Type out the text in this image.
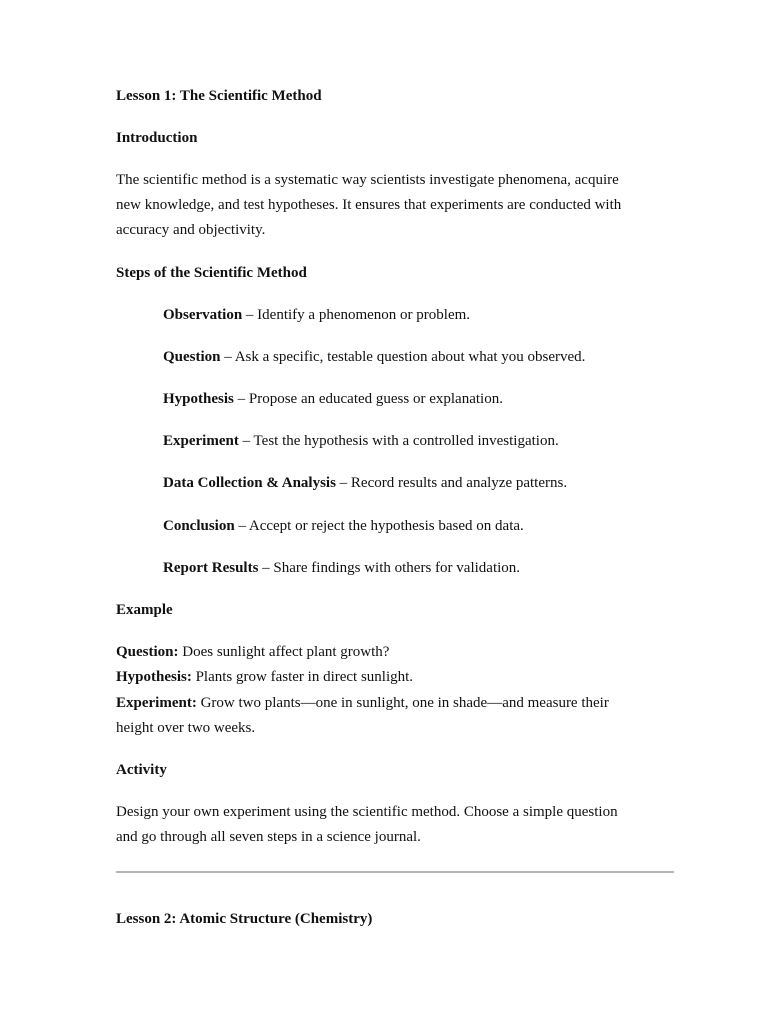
Lesson 1: The Scientific Method
Introduction
The scientific method is a systematic way scientists investigate phenomena, acquire
new knowledge, and test hypotheses. It ensures that experiments are conducted with
accuracy and objectivity.
Steps of the Scientific Method
Observation – Identify a phenomenon or problem.
Question – Ask a specific, testable question about what you observed.
Hypothesis – Propose an educated guess or explanation.
Experiment – Test the hypothesis with a controlled investigation.
Data Collection & Analysis – Record results and analyze patterns.
Conclusion – Accept or reject the hypothesis based on data.
Report Results – Share findings with others for validation.
Example
Question: Does sunlight affect plant growth?
Hypothesis: Plants grow faster in direct sunlight.
Experiment: Grow two plants—one in sunlight, one in shade—and measure their
height over two weeks.
Activity
Design your own experiment using the scientific method. Choose a simple question
and go through all seven steps in a science journal.
Lesson 2: Atomic Structure (Chemistry)
